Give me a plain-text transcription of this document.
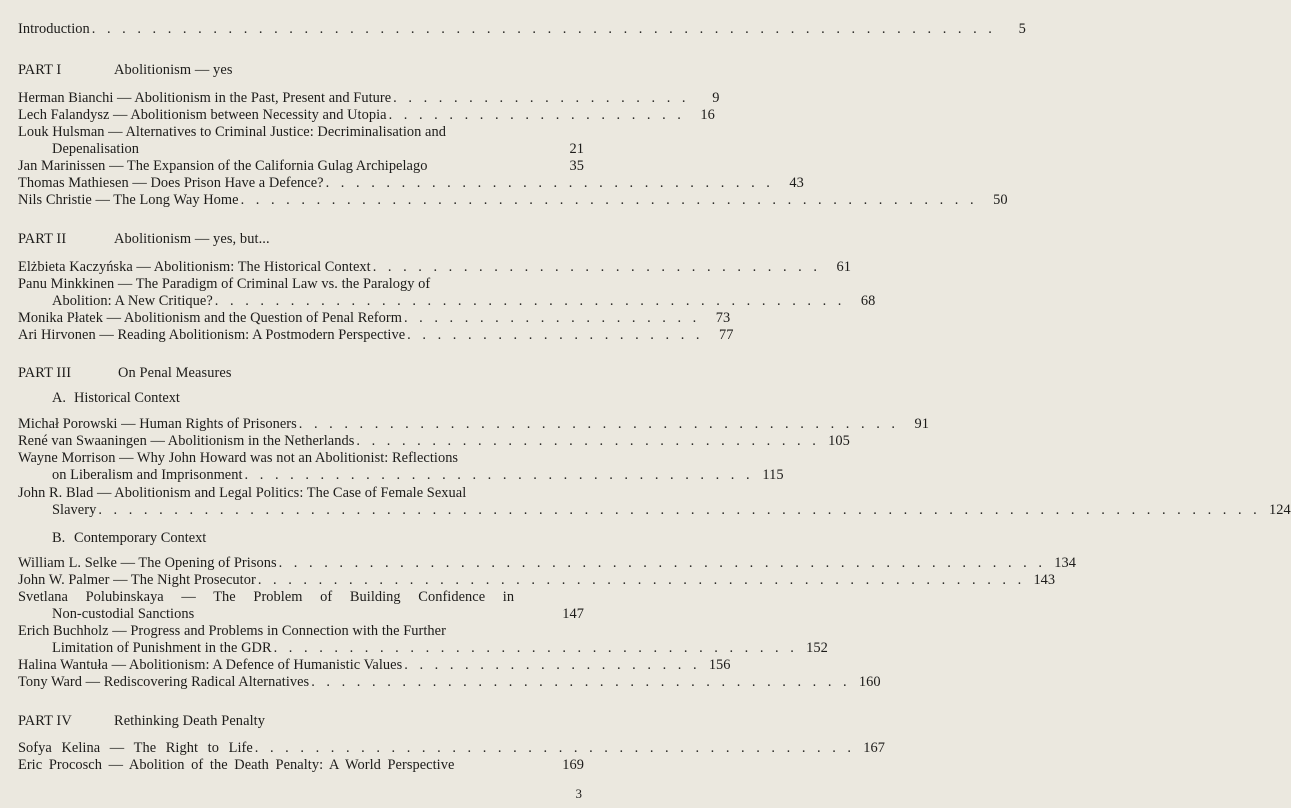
Introduction . . . . . . . . . . . . . . . . . . . . . . . . . . . . . . . . . . . . . . . . . . . . . . . . . . . . . . . . . . . .	5
PART I	Abolitionism — yes
Herman Bianchi — Abolitionism in the Past, Present and Future . . . . . . . . . . . . . . . . . . . .	9
Lech Falandysz — Abolitionism between Necessity and Utopia . . . . . . . . . . . . . . . . . . . .	16
Louk Hulsman — Alternatives to Criminal Justice: Decriminalisation and
Depenalisation	21
Jan Marinissen — The Expansion of the California Gulag Archipelago	35
Thomas Mathiesen — Does Prison Have a Defence? . . . . . . . . . . . . . . . . . . . . . . . . . . . . . .	43
Nils Christie — The Long Way Home . . . . . . . . . . . . . . . . . . . . . . . . . . . . . . . . . . . . . . . . . . . . . . . . .	50
PART II	Abolitionism — yes, but...
Elżbieta Kaczyńska — Abolitionism: The Historical Context . . . . . . . . . . . . . . . . . . . . . . . . . . . . . .	61
Panu Minkkinen — The Paradigm of Criminal Law vs. the Paralogy of
Abolition: A New Critique? . . . . . . . . . . . . . . . . . . . . . . . . . . . . . . . . . . . . . . . . . .	68
Monika Płatek — Abolitionism and the Question of Penal Reform . . . . . . . . . . . . . . . . . . . .	73
Ari Hirvonen — Reading Abolitionism: A Postmodern Perspective . . . . . . . . . . . . . . . . . . . .	77
PART III	On Penal Measures
A. Historical Context
Michał Porowski — Human Rights of Prisoners . . . . . . . . . . . . . . . . . . . . . . . . . . . . . . . . . . . . . . . .	91
René van Swaaningen — Abolitionism in the Netherlands . . . . . . . . . . . . . . . . . . . . . . . . . . . . . . . 105
Wayne Morrison — Why John Howard was not an Abolitionist: Reflections
on Liberalism and Imprisonment . . . . . . . . . . . . . . . . . . . . . . . . . . . . . . . . . . 115
John R. Blad — Abolitionism and Legal Politics: The Case of Female Sexual
Slavery . . . . . . . . . . . . . . . . . . . . . . . . . . . . . . . . . . . . . . . . . . . . . . . . . . . . . . . . . . . . . . . . . . . . . . . . . . . . . 124
B. Contemporary Context
William L. Selke — The Opening of Prisons . . . . . . . . . . . . . . . . . . . . . . . . . . . . . . . . . . . . . . . . . . . . . . . . . . . 134
John W. Palmer — The Night Prosecutor . . . . . . . . . . . . . . . . . . . . . . . . . . . . . . . . . . . . . . . . . . . . . . . . . . . 143
Svetlana Polubinskaya — The Problem of Building Confidence in
Non-custodial Sanctions	147
Erich Buchholz — Progress and Problems in Connection with the Further
Limitation of Punishment in the GDR . . . . . . . . . . . . . . . . . . . . . . . . . . . . . . . . . . . 152
Halina Wantuła — Abolitionism: A Defence of Humanistic Values . . . . . . . . . . . . . . . . . . . . 156
Tony Ward — Rediscovering Radical Alternatives . . . . . . . . . . . . . . . . . . . . . . . . . . . . . . . . . . . . 160
PART IV	Rethinking Death Penalty
Sofya Kelina — The Right to Life . . . . . . . . . . . . . . . . . . . . . . . . . . . . . . . . . . . . . . . . 167
Eric Procosch — Abolition of the Death Penalty: A World Perspective	169
3
